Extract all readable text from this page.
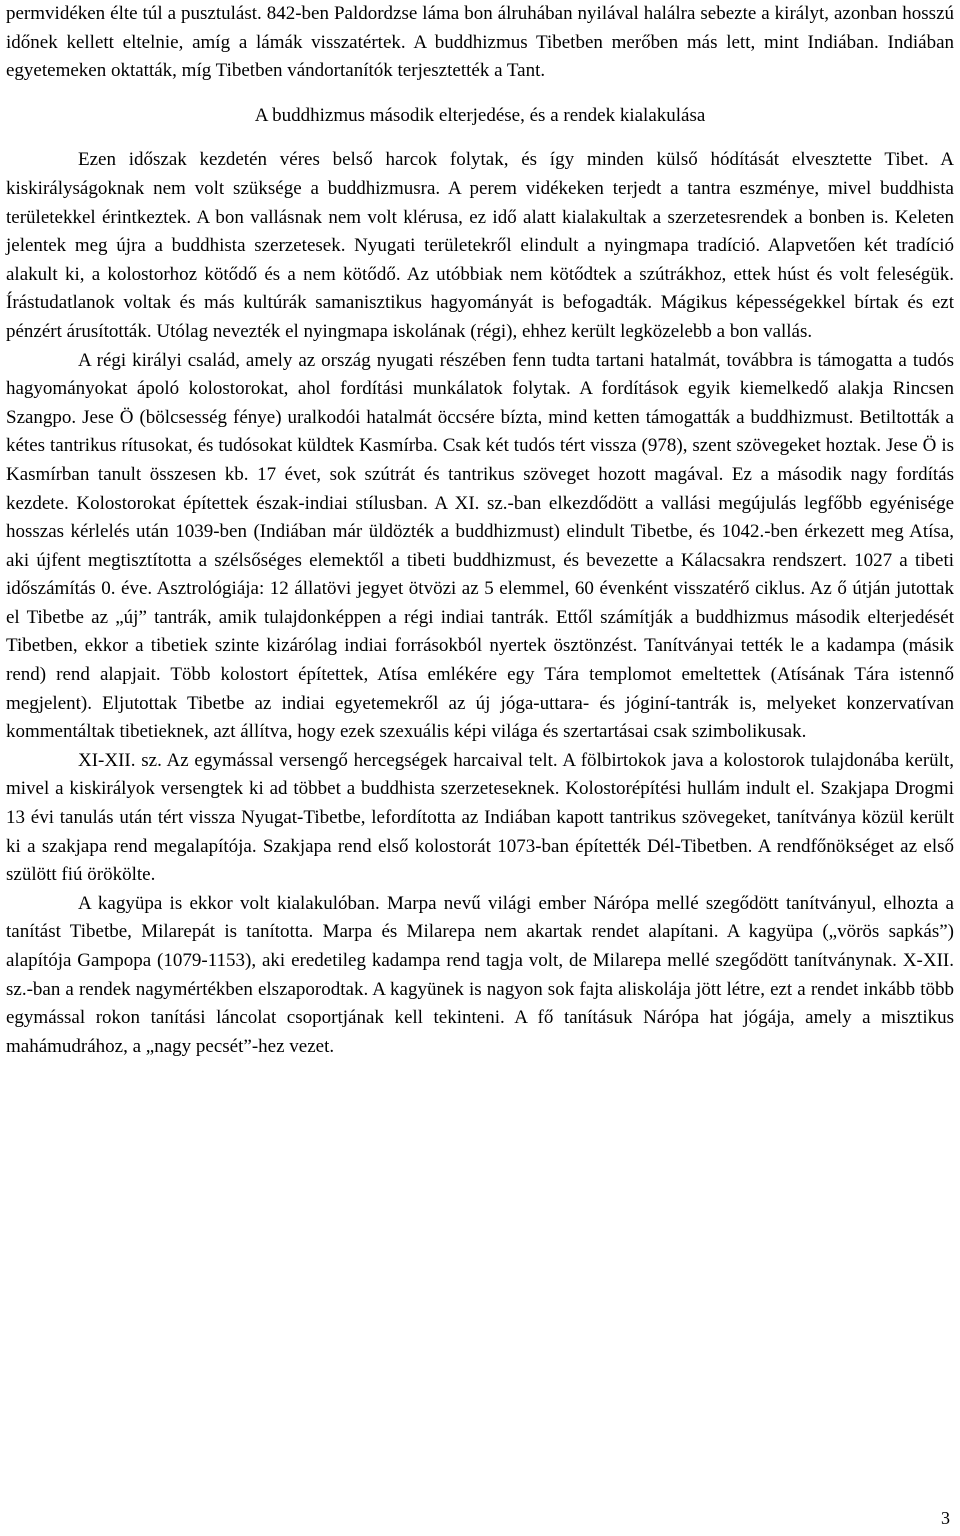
permvidéken élte túl a pusztulást. 842-ben Paldordzse láma bon álruhában nyilával halálra sebezte a királyt, azonban hosszú időnek kellett eltelnie, amíg a lámák visszatértek. A buddhizmus Tibetben merőben más lett, mint Indiában. Indiában egyetemeken oktatták, míg Tibetben vándortanítók terjesztették a Tant.

A buddhizmus második elterjedése, és a rendek kialakulása

Ezen időszak kezdetén véres belső harcok folytak, és így minden külső hódítását elvesztette Tibet. A kiskirályságoknak nem volt szüksége a buddhizmusra. A perem vidékeken terjedt a tantra eszménye, mivel buddhista területekkel érintkeztek. A bon vallásnak nem volt klérusa, ez idő alatt kialakultak a szerzetesrendek a bonben is. Keleten jelentek meg újra a buddhista szerzetesek. Nyugati területekről elindult a nyingmapa tradíció. Alapvetően két tradíció alakult ki, a kolostorhoz kötődő és a nem kötődő. Az utóbbiak nem kötődtek a szútrákhoz, ettek húst és volt feleségük. Írástudatlanok voltak és más kultúrák samanisztikus hagyományát is befogadták. Mágikus képességekkel bírtak és ezt pénzért árusították. Utólag nevezték el nyingmapa iskolának (régi), ehhez került legközelebb a bon vallás.

A régi királyi család, amely az ország nyugati részében fenn tudta tartani hatalmát, továbbra is támogatta a tudós hagyományokat ápoló kolostorokat, ahol fordítási munkálatok folytak. A fordítások egyik kiemelkedő alakja Rincsen Szangpo. Jese Ö (bölcsesség fénye) uralkodói hatalmát öccsére bízta, mind ketten támogatták a buddhizmust. Betiltották a kétes tantrikus rítusokat, és tudósokat küldtek Kasmírba. Csak két tudós tért vissza (978), szent szövegeket hoztak. Jese Ö is Kasmírban tanult összesen kb. 17 évet, sok szútrát és tantrikus szöveget hozott magával. Ez a második nagy fordítás kezdete. Kolostorokat építettek észak-indiai stílusban. A XI. sz.-ban elkezdődött a vallási megújulás legfőbb egyénisége hosszas kérlelés után 1039-ben (Indiában már üldözték a buddhizmust) elindult Tibetbe, és 1042.-ben érkezett meg Atísa, aki újfent megtisztította a szélsőséges elemektől a tibeti buddhizmust, és bevezette a Kálacsakra rendszert. 1027 a tibeti időszámítás 0. éve. Asztrológiája: 12 állatövi jegyet ötvözi az 5 elemmel, 60 évenként visszatérő ciklus. Az ő útján jutottak el Tibetbe az „új” tantrák, amik tulajdonképpen a régi indiai tantrák. Ettől számítják a buddhizmus második elterjedését Tibetben, ekkor a tibetiek szinte kizárólag indiai forrásokból nyertek ösztönzést. Tanítványai tették le a kadampa (másik rend) rend alapjait. Több kolostort építettek, Atísa emlékére egy Tára templomot emeltettek (Atísának Tára istennő megjelent). Eljutottak Tibetbe az indiai egyetemekről az új jóga-uttara- és jóginí-tantrák is, melyeket konzervatívan kommentáltak tibetieknek, azt állítva, hogy ezek szexuális képi világa és szertartásai csak szimbolikusak.

XI-XII. sz. Az egymással versengő hercegségek harcaival telt. A fölbirtokok java a kolostorok tulajdonába került, mivel a kiskirályok versengtek ki ad többet a buddhista szerzeteseknek. Kolostorépítési hullám indult el. Szakjapa Drogmi 13 évi tanulás után tért vissza Nyugat-Tibetbe, lefordította az Indiában kapott tantrikus szövegeket, tanítványa közül került ki a szakjapa rend megalapítója. Szakjapa rend első kolostorát 1073-ban építették Dél-Tibetben. A rendfőnökséget az első szülött fiú örökölte.

A kagyüpa is ekkor volt kialakulóban. Marpa nevű világi ember Nárópa mellé szegődött tanítványul, elhozta a tanítást Tibetbe, Milarepát is tanította. Marpa és Milarepa nem akartak rendet alapítani. A kagyüpa („vörös sapkás”) alapítója Gampopa (1079-1153), aki eredetileg kadampa rend tagja volt, de Milarepa mellé szegődött tanítványnak. X-XII. sz.-ban a rendek nagymértékben elszaporodtak. A kagyünek is nagyon sok fajta aliskolája jött létre, ezt a rendet inkább több egymással rokon tanítási láncolat csoportjának kell tekinteni. A fő tanításuk Nárópa hat jógája, amely a misztikus mahámudrához, a „nagy pecsét”-hez vezet.

3
